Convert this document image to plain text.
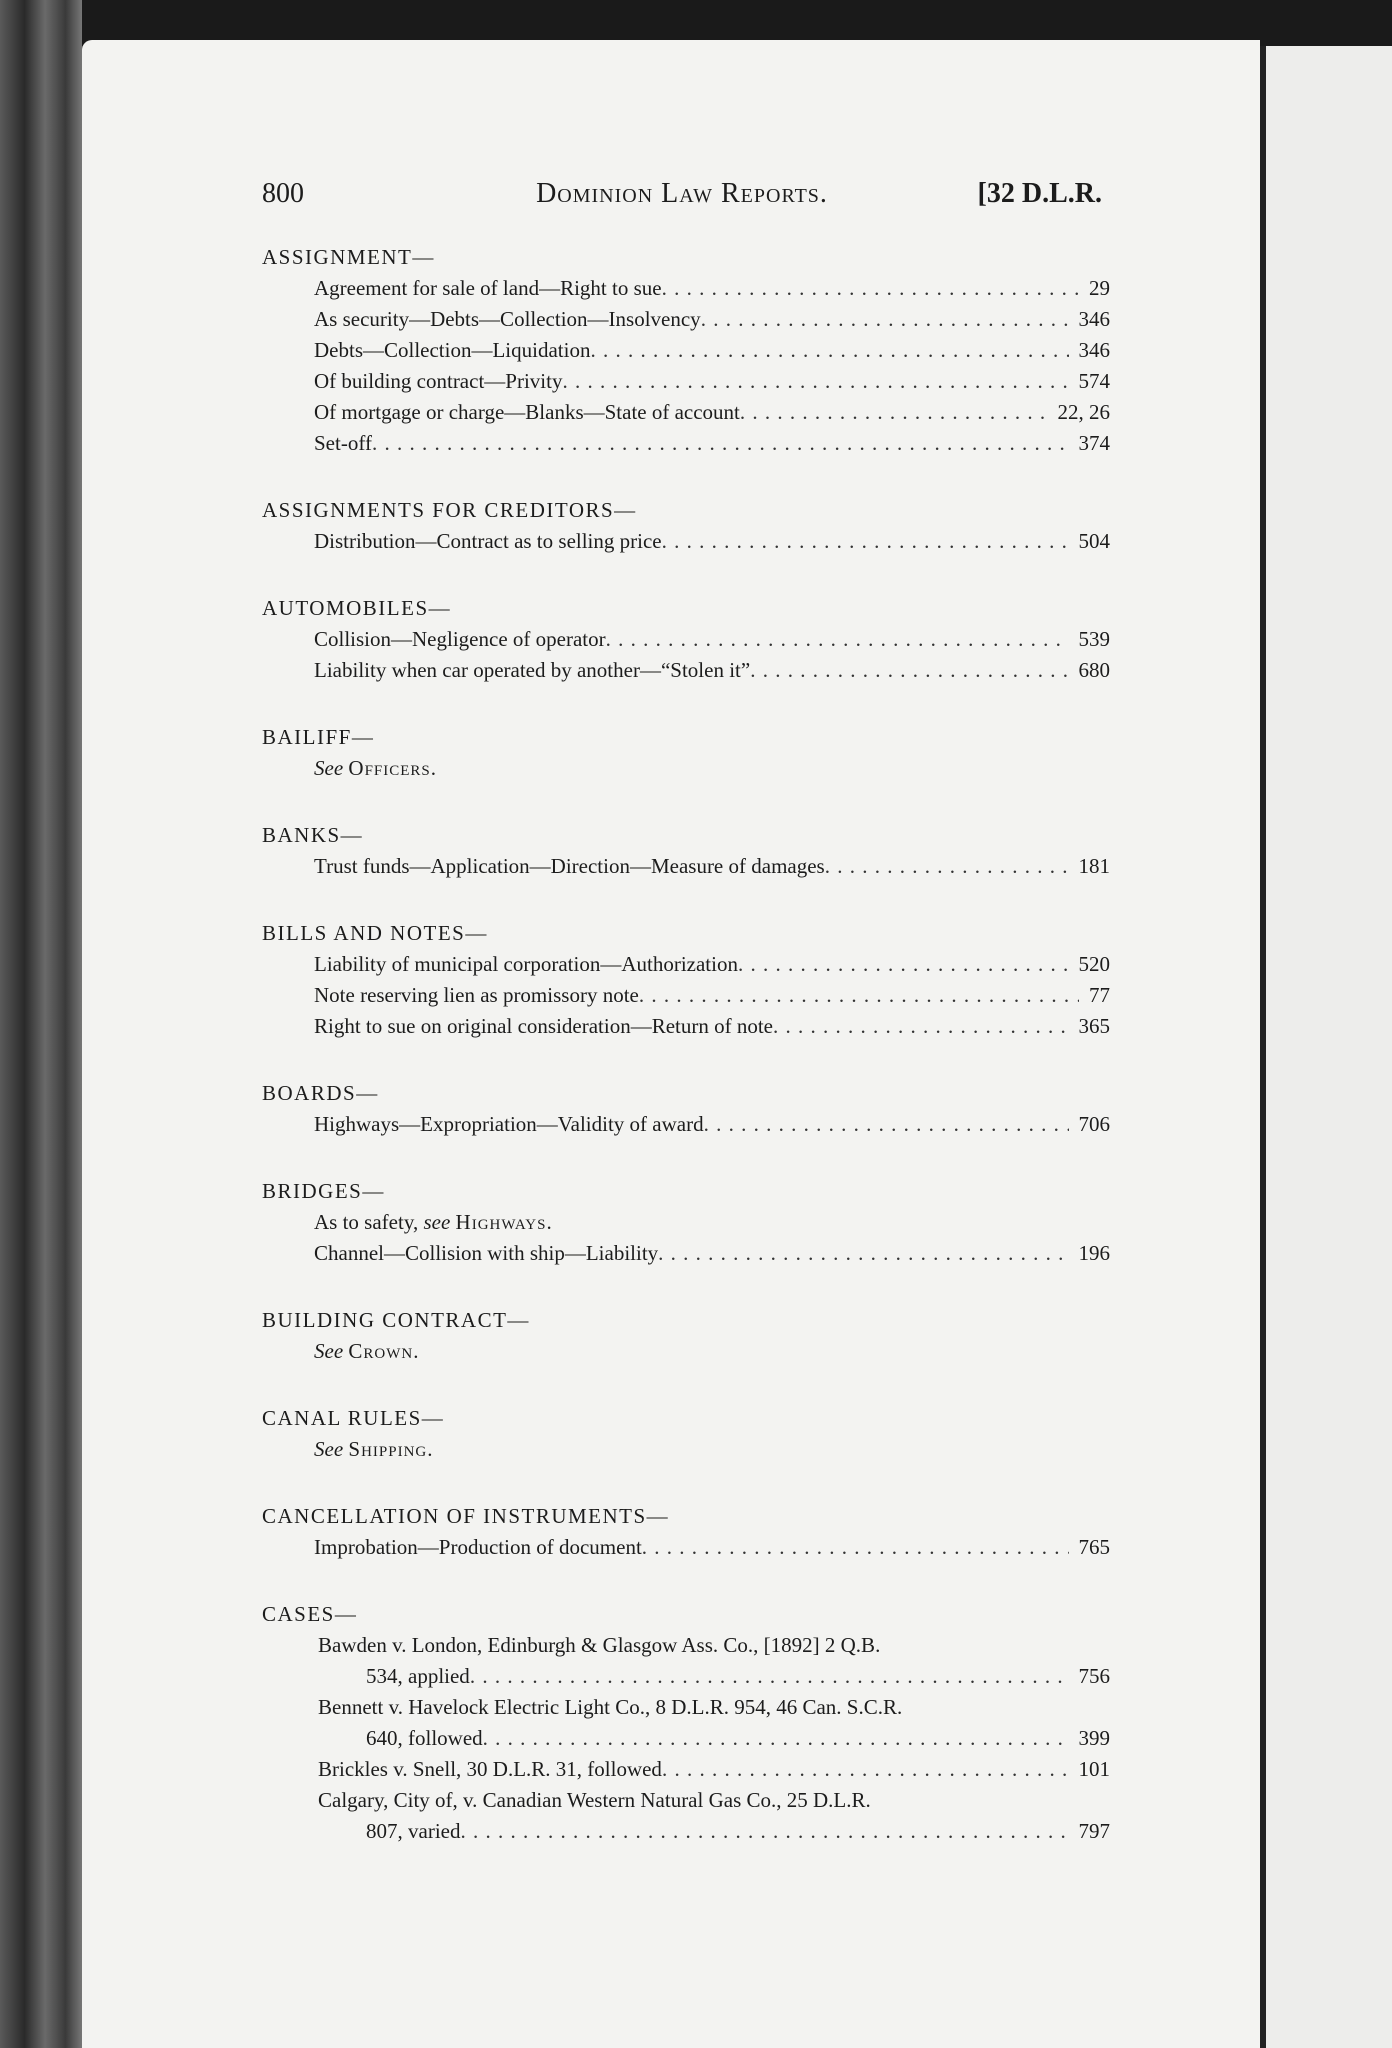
800	Dominion Law Reports.	[32 D.L.R.
ASSIGNMENT—
Agreement for sale of land—Right to sue . . .	29
As security—Debts—Collection—Insolvency . . .	346
Debts—Collection—Liquidation . . .	346
Of building contract—Privity . . .	574
Of mortgage or charge—Blanks—State of account . . .	22, 26
Set-off . . .	374
ASSIGNMENTS FOR CREDITORS—
Distribution—Contract as to selling price . . .	504
AUTOMOBILES—
Collision—Negligence of operator . . .	539
Liability when car operated by another—“Stolen it” . . .	680
BAILIFF—
See Officers.
BANKS—
Trust funds—Application—Direction—Measure of damages . . .	181
BILLS AND NOTES—
Liability of municipal corporation—Authorization . . .	520
Note reserving lien as promissory note . . .	77
Right to sue on original consideration—Return of note . . .	365
BOARDS—
Highways—Expropriation—Validity of award . . .	706
BRIDGES—
As to safety, see Highways.
Channel—Collision with ship—Liability . . .	196
BUILDING CONTRACT—
See Crown.
CANAL RULES—
See Shipping.
CANCELLATION OF INSTRUMENTS—
Improbation—Production of document . . .	765
CASES—
Bawden v. London, Edinburgh & Glasgow Ass. Co., [1892] 2 Q.B.
534, applied . . .	756
Bennett v. Havelock Electric Light Co., 8 D.L.R. 954, 46 Can. S.C.R.
640, followed . . .	399
Brickles v. Snell, 30 D.L.R. 31, followed . . .	101
Calgary, City of, v. Canadian Western Natural Gas Co., 25 D.L.R.
807, varied . . .	797
